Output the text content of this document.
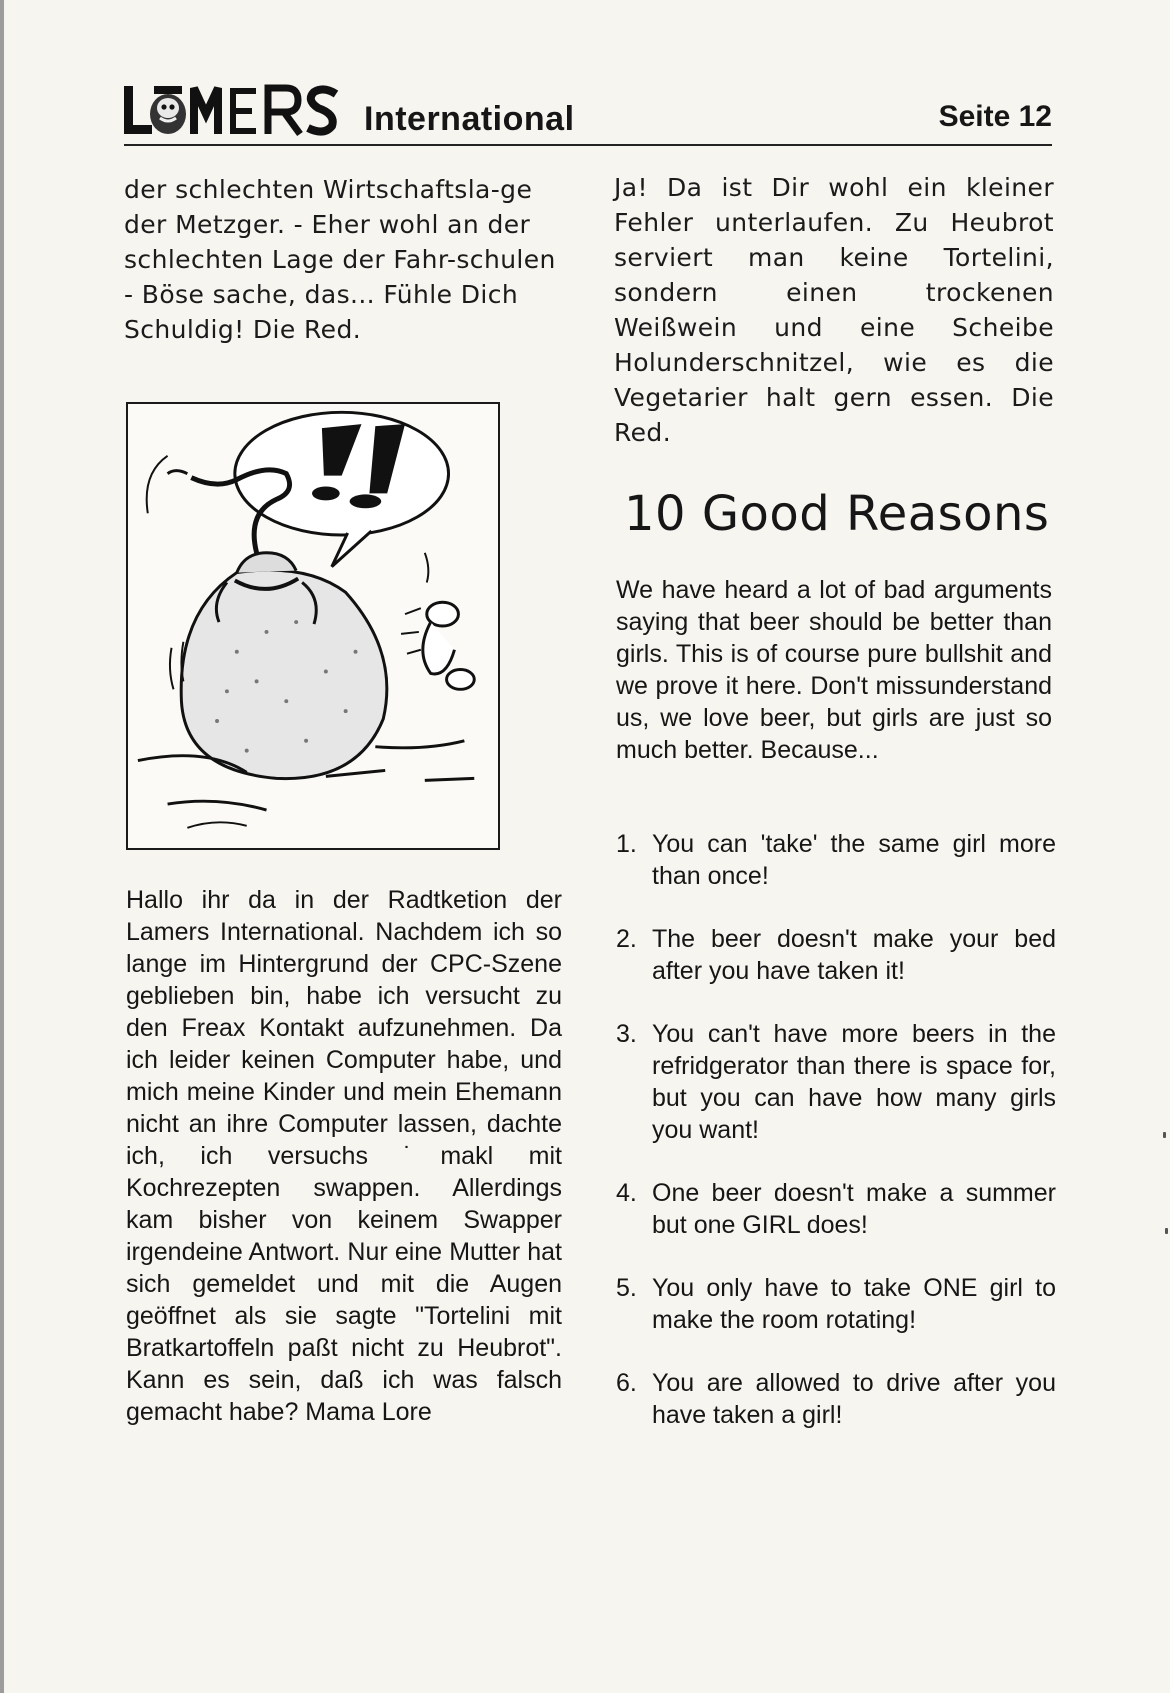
International	Seite 12

der schlechten Wirtschaftsla-ge der Metzger. - Eher wohl an der schlechten Lage der Fahr-schulen - Böse sache, das... Fühle Dich Schuldig! Die Red.

Hallo ihr da in der Radtketion der Lamers International. Nachdem ich so lange im Hintergrund der CPC-Szene geblieben bin, habe ich versucht zu den Freax Kontakt aufzunehmen. Da ich leider keinen Computer habe, und mich meine Kinder und mein Ehemann nicht an ihre Computer lassen, dachte ich, ich versuchs ˙makl mit Kochrezepten swappen. Allerdings kam bisher von keinem Swapper irgendeine Antwort. Nur eine Mutter hat sich gemeldet und mit die Augen geöffnet als sie sagte "Tortelini mit Bratkartoffeln paßt nicht zu Heubrot". Kann es sein, daß ich was falsch gemacht habe? Mama Lore

Ja! Da ist Dir wohl ein kleiner Fehler unterlaufen. Zu Heubrot serviert man keine Tortelini, sondern einen trockenen Weißwein und eine Scheibe Holunderschnitzel, wie es die Vegetarier halt gern essen. Die Red.

10 Good Reasons

We have heard a lot of bad arguments saying that beer should be better than girls. This is of course pure bullshit and we prove it here. Don't missunderstand us, we love beer, but girls are just so much better. Because...

1. You can 'take' the same girl more than once!
2. The beer doesn't make your bed after you have taken it!
3. You can't have more beers in the refridgerator than there is space for, but you can have how many girls you want!
4. One beer doesn't make a summer but one GIRL does!
5. You only have to take ONE girl to make the room rotating!
6. You are allowed to drive after you have taken a girl!
